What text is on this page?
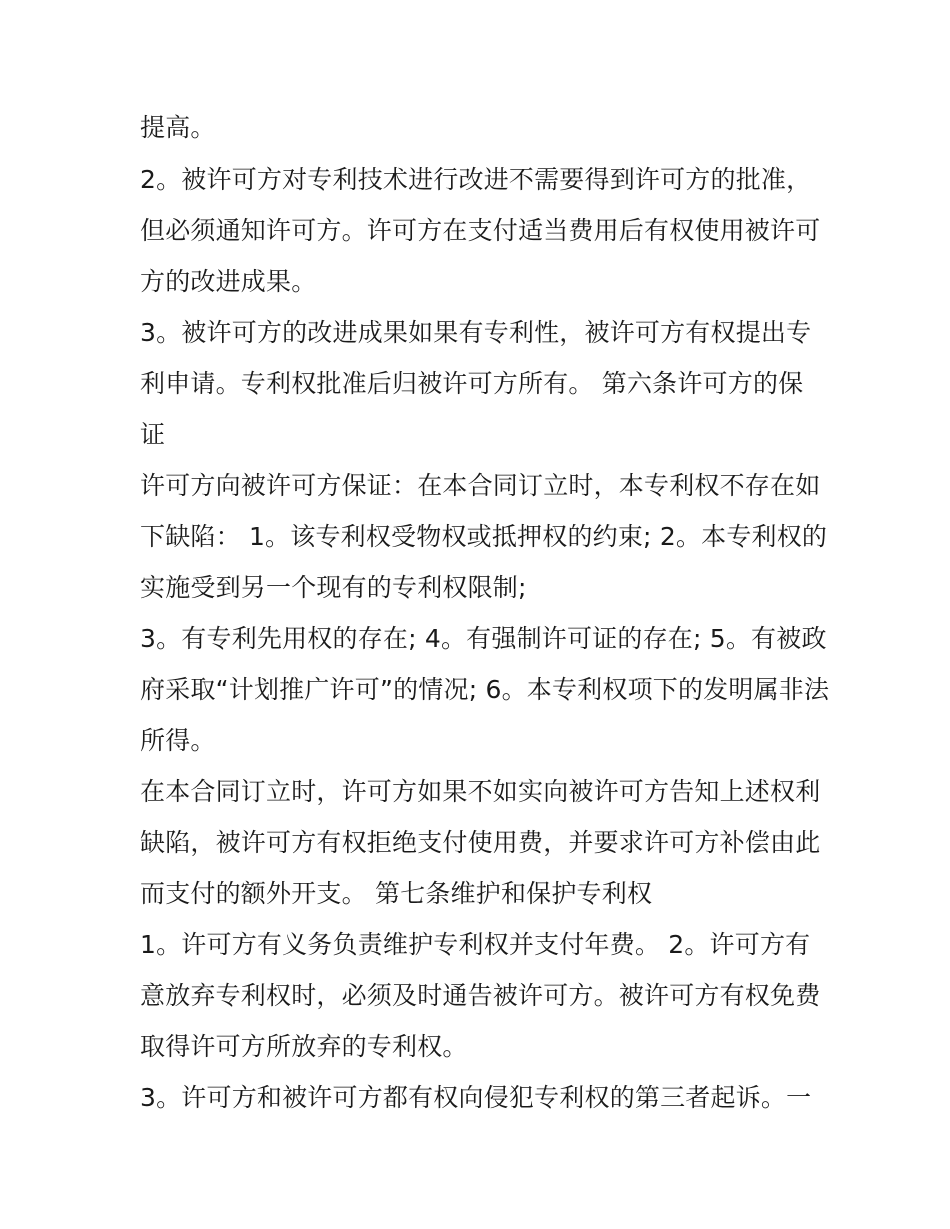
提高。
2。被许可方对专利技术进行改进不需要得到许可方的批准，
但必须通知许可方。许可方在支付适当费用后有权使用被许可
方的改进成果。
3。被许可方的改进成果如果有专利性，被许可方有权提出专
利申请。专利权批准后归被许可方所有。 第六条许可方的保
证
许可方向被许可方保证：在本合同订立时，本专利权不存在如
下缺陷： 1。该专利权受物权或抵押权的约束; 2。本专利权的
实施受到另一个现有的专利权限制;
3。有专利先用权的存在; 4。有强制许可证的存在; 5。有被政
府采取“计划推广许可”的情况; 6。本专利权项下的发明属非法
所得。
在本合同订立时，许可方如果不如实向被许可方告知上述权利
缺陷，被许可方有权拒绝支付使用费，并要求许可方补偿由此
而支付的额外开支。 第七条维护和保护专利权
1。许可方有义务负责维护专利权并支付年费。 2。许可方有
意放弃专利权时，必须及时通告被许可方。被许可方有权免费
取得许可方所放弃的专利权。
3。许可方和被许可方都有权向侵犯专利权的第三者起诉。一
